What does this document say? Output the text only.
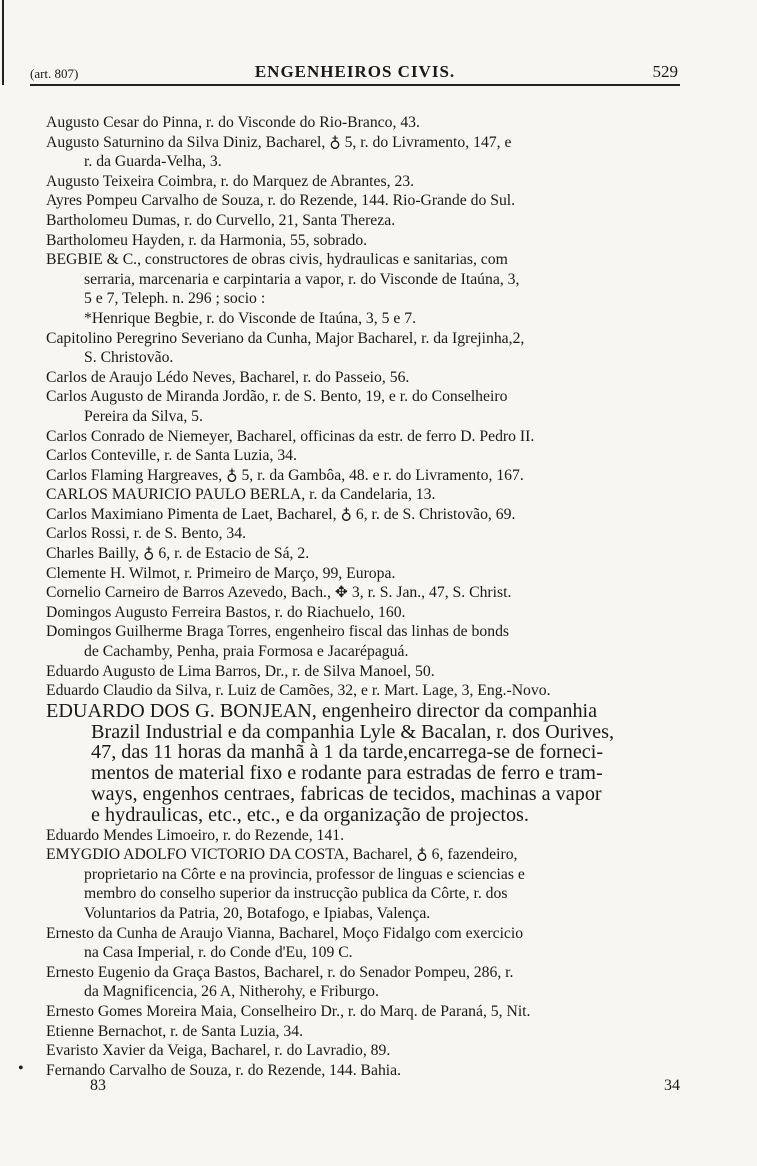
(art. 807)	ENGENHEIROS CIVIS.	529
Augusto Cesar do Pinna, r. do Visconde do Rio-Branco, 43.
Augusto Saturnino da Silva Diniz, Bacharel, ♁ 5, r. do Livramento, 147, e
r. da Guarda-Velha, 3.
Augusto Teixeira Coimbra, r. do Marquez de Abrantes, 23.
Ayres Pompeu Carvalho de Souza, r. do Rezende, 144. Rio-Grande do Sul.
Bartholomeu Dumas, r. do Curvello, 21, Santa Thereza.
Bartholomeu Hayden, r. da Harmonia, 55, sobrado.
BEGBIE & C., constructores de obras civis, hydraulicas e sanitarias, com
serraria, marcenaria e carpintaria a vapor, r. do Visconde de Itaúna, 3,
5 e 7, Teleph. n. 296 ; socio :
*Henrique Begbie, r. do Visconde de Itaúna, 3, 5 e 7.
Capitolino Peregrino Severiano da Cunha, Major Bacharel, r. da Igrejinha,2,
S. Christovão.
Carlos de Araujo Lédo Neves, Bacharel, r. do Passeio, 56.
Carlos Augusto de Miranda Jordão, r. de S. Bento, 19, e r. do Conselheiro
Pereira da Silva, 5.
Carlos Conrado de Niemeyer, Bacharel, officinas da estr. de ferro D. Pedro II.
Carlos Conteville, r. de Santa Luzia, 34.
Carlos Flaming Hargreaves, ♁ 5, r. da Gambôa, 48. e r. do Livramento, 167.
CARLOS MAURICIO PAULO BERLA, r. da Candelaria, 13.
Carlos Maximiano Pimenta de Laet, Bacharel, ♁ 6, r. de S. Christovão, 69.
Carlos Rossi, r. de S. Bento, 34.
Charles Bailly, ♁ 6, r. de Estacio de Sá, 2.
Clemente H. Wilmot, r. Primeiro de Março, 99, Europa.
Cornelio Carneiro de Barros Azevedo, Bach., ✥ 3, r. S. Jan., 47, S. Christ.
Domingos Augusto Ferreira Bastos, r. do Riachuelo, 160.
Domingos Guilherme Braga Torres, engenheiro fiscal das linhas de bonds
de Cachamby, Penha, praia Formosa e Jacarépaguá.
Eduardo Augusto de Lima Barros, Dr., r. de Silva Manoel, 50.
Eduardo Claudio da Silva, r. Luiz de Camões, 32, e r. Mart. Lage, 3, Eng.-Novo.
EDUARDO DOS G. BONJEAN, engenheiro director da companhia
Brazil Industrial e da companhia Lyle & Bacalan, r. dos Ourives,
47, das 11 horas da manhã à 1 da tarde,encarrega-se de forneci-
mentos de material fixo e rodante para estradas de ferro e tram-
ways, engenhos centraes, fabricas de tecidos, machinas a vapor
e hydraulicas, etc., etc., e da organização de projectos.
Eduardo Mendes Limoeiro, r. do Rezende, 141.
EMYGDIO ADOLFO VICTORIO DA COSTA, Bacharel, ♁ 6, fazendeiro,
proprietario na Côrte e na provincia, professor de linguas e sciencias e
membro do conselho superior da instrucção publica da Côrte, r. dos
Voluntarios da Patria, 20, Botafogo, e Ipiabas, Valença.
Ernesto da Cunha de Araujo Vianna, Bacharel, Moço Fidalgo com exercicio
na Casa Imperial, r. do Conde d'Eu, 109 C.
Ernesto Eugenio da Graça Bastos, Bacharel, r. do Senador Pompeu, 286, r.
da Magnificencia, 26 A, Nitherohy, e Friburgo.
Ernesto Gomes Moreira Maia, Conselheiro Dr., r. do Marq. de Paraná, 5, Nit.
Etienne Bernachot, r. de Santa Luzia, 34.
Evaristo Xavier da Veiga, Bacharel, r. do Lavradio, 89.
Fernando Carvalho de Souza, r. do Rezende, 144. Bahia.
•
83	34
